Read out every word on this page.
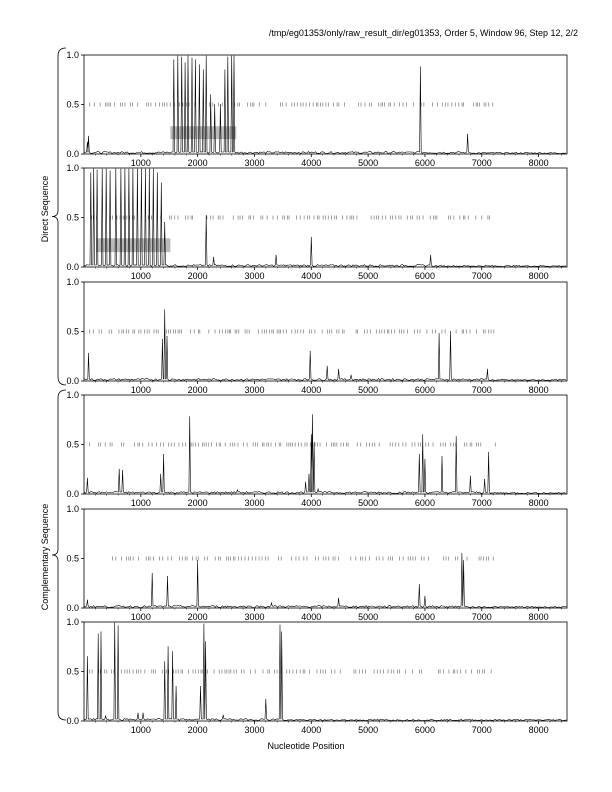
/tmp/eg01353/only/raw_result_dir/eg01353, Order 5, Window 96, Step 12, 2/2
Direct Sequence
Complementary Sequence
Nucleotide Position
0.0
0.5
1.0
1000	2000	3000	4000	5000	6000	7000	8000
0.0
0.5
1.0
1000	2000	3000	4000	5000	6000	7000	8000
0.0
0.5
1.0
1000	2000	3000	4000	5000	6000	7000	8000
0.0
0.5
1.0
1000	2000	3000	4000	5000	6000	7000	8000
0.0
0.5
1.0
1000	2000	3000	4000	5000	6000	7000	8000
0.0
0.5
1.0
1000	2000	3000	4000	5000	6000	7000	8000
